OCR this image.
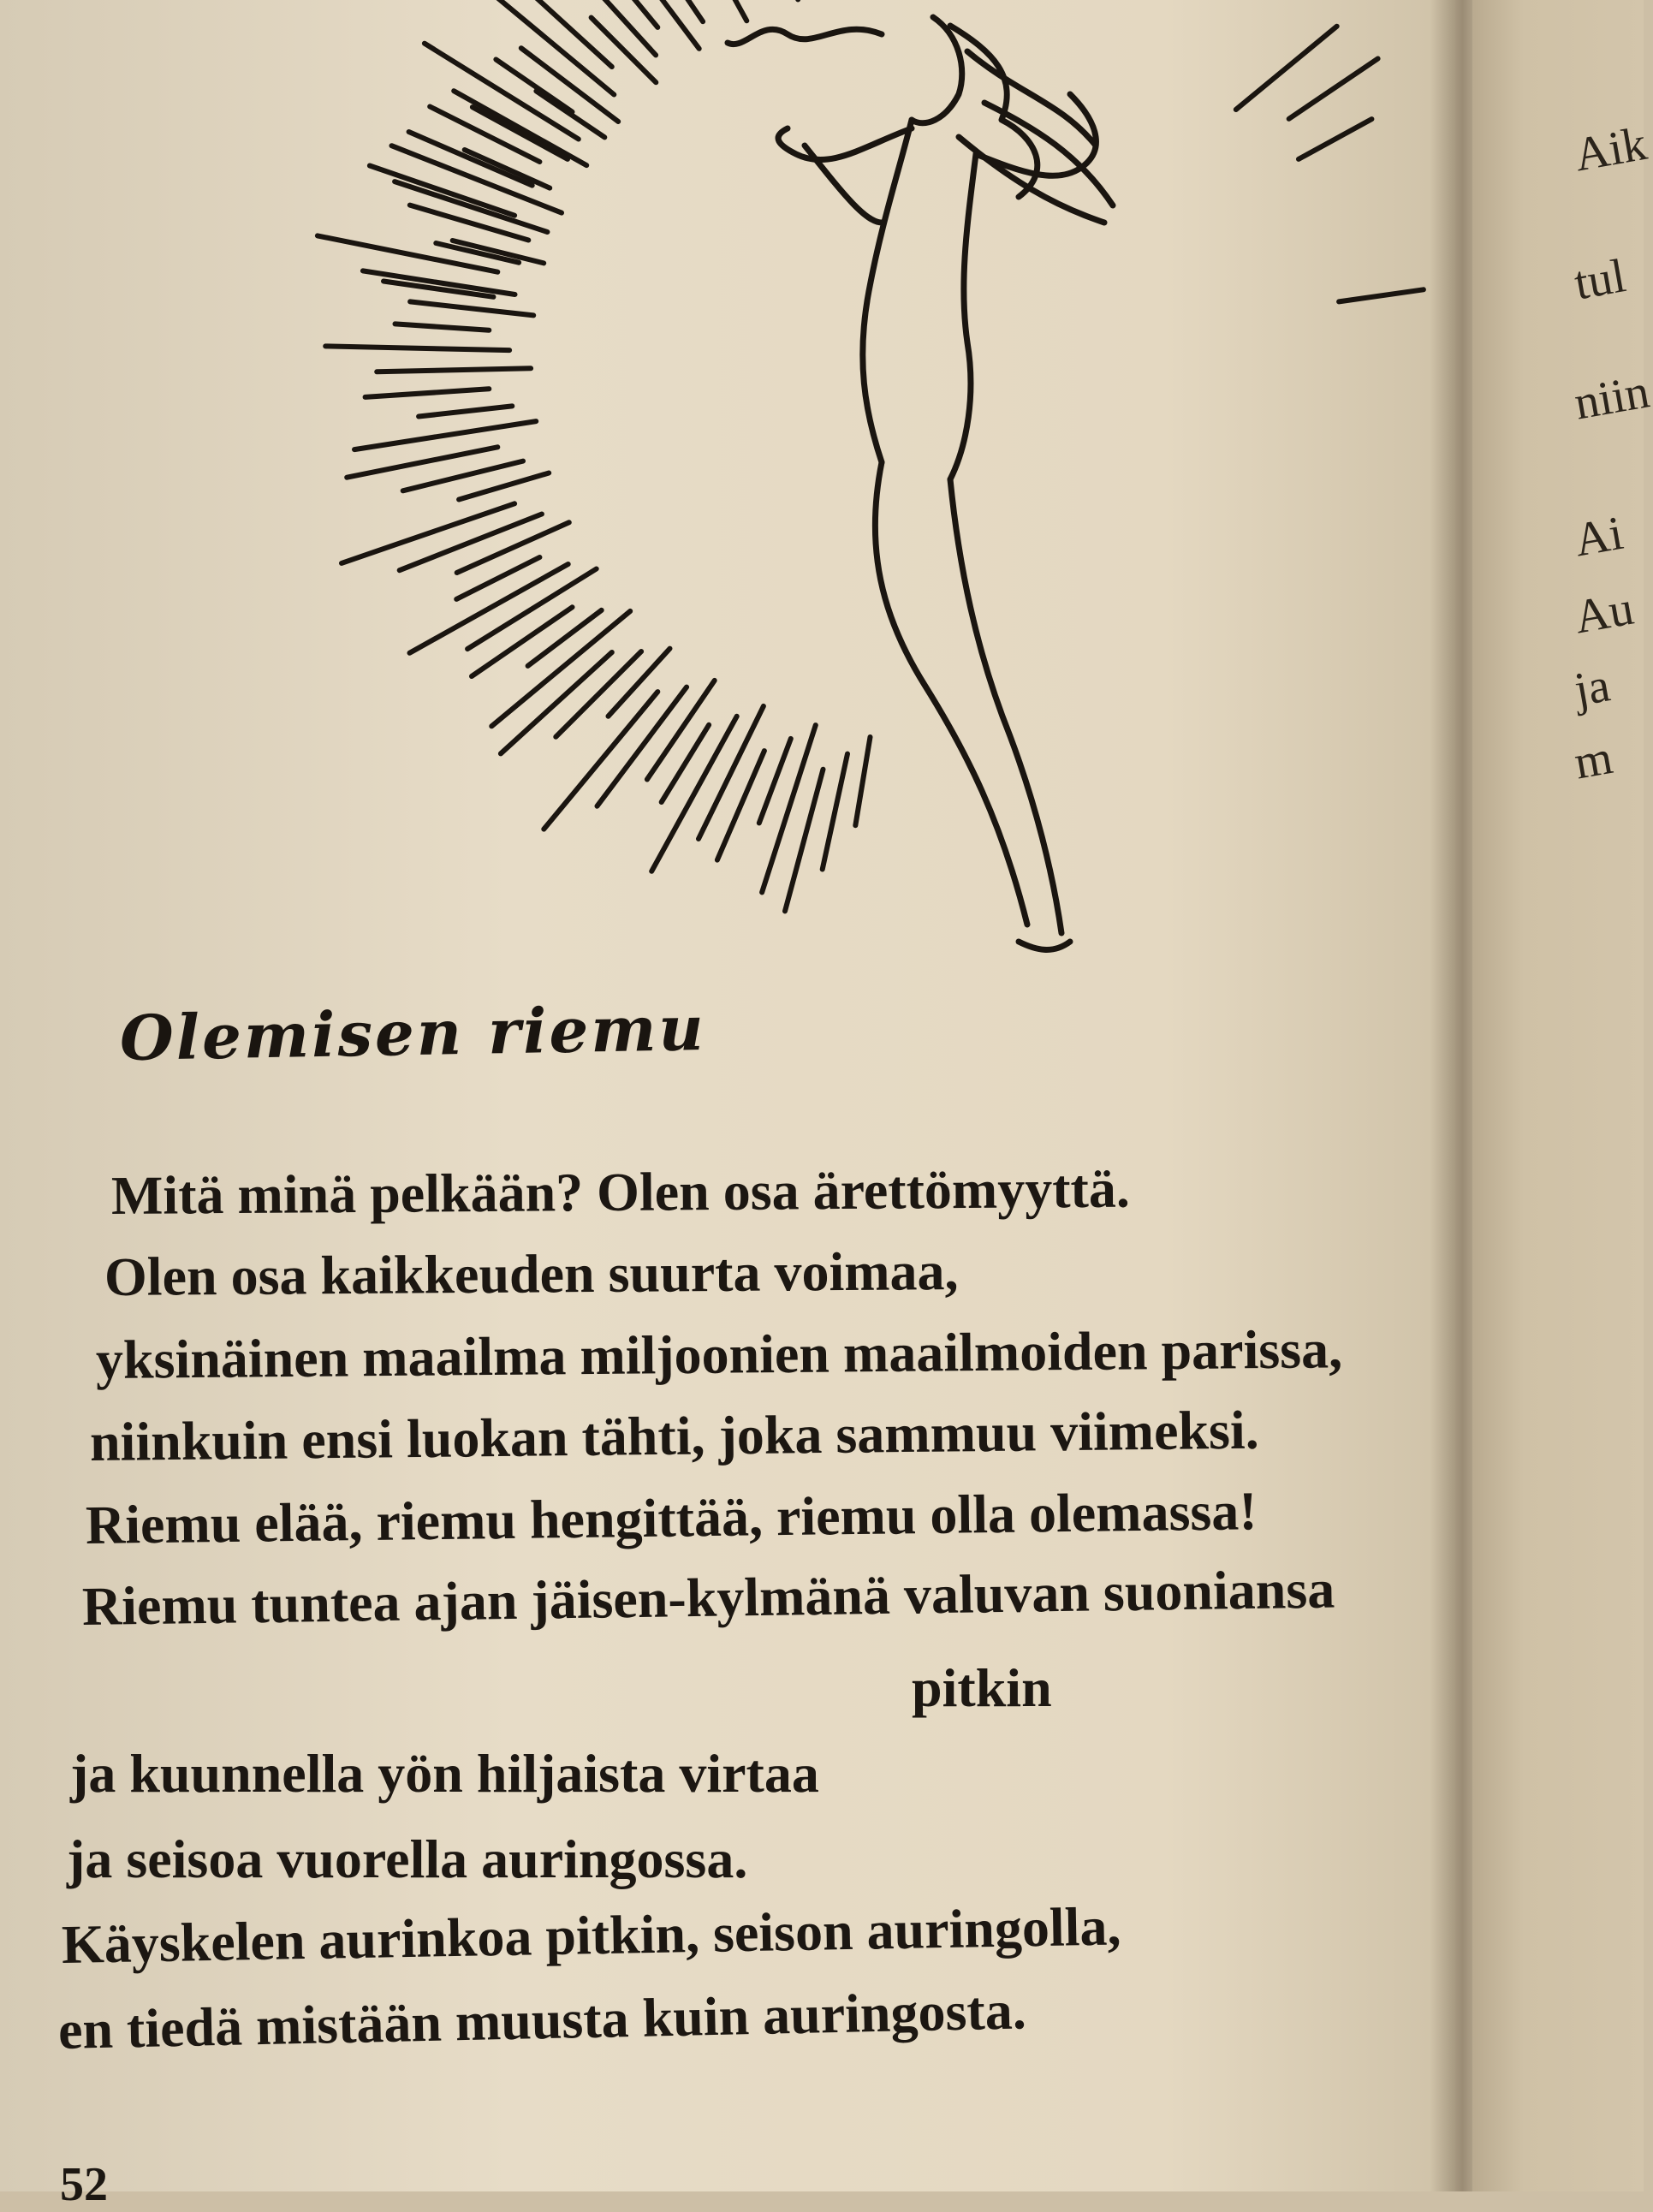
Aik
tul
niin
Ai
Au
ja
m
Olemisen riemu
Mitä minä pelkään? Olen osa ärettömyyttä.
Olen osa kaikkeuden suurta voimaa,
yksinäinen maailma miljoonien maailmoiden parissa,
niinkuin ensi luokan tähti, joka sammuu viimeksi.
Riemu elää, riemu hengittää, riemu olla olemassa!
Riemu tuntea ajan jäisen-kylmänä valuvan suoniansa
pitkin
ja kuunnella yön hiljaista virtaa
ja seisoa vuorella auringossa.
Käyskelen aurinkoa pitkin, seison auringolla,
en tiedä mistään muusta kuin auringosta.
52
